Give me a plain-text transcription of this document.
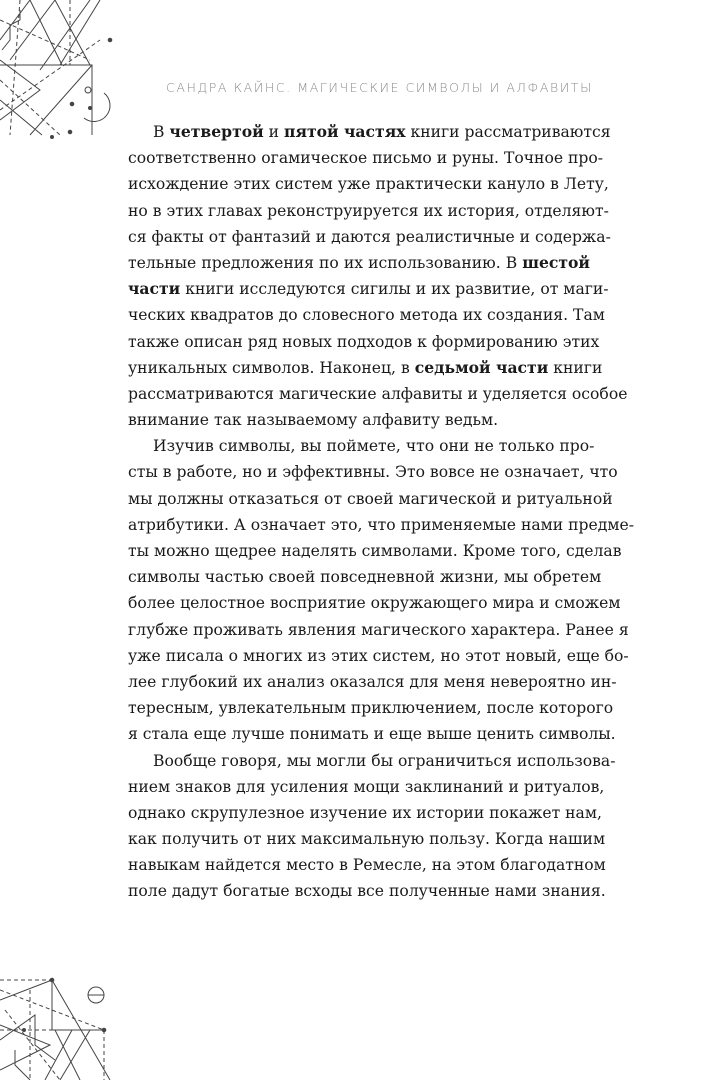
САНДРА КАЙНС. МАГИЧЕСКИЕ СИМВОЛЫ И АЛФАВИТЫ
В четвертой и пятой частях книги рассматриваются
соответственно огамическое письмо и руны. Точное про-
исхождение этих систем уже практически кануло в Лету,
но в этих главах реконструируется их история, отделяют-
ся факты от фантазий и даются реалистичные и содержа-
тельные предложения по их использованию. В шестой
части книги исследуются сигилы и их развитие, от маги-
ческих квадратов до словесного метода их создания. Там
также описан ряд новых подходов к формированию этих
уникальных символов. Наконец, в седьмой части книги
рассматриваются магические алфавиты и уделяется особое
внимание так называемому алфавиту ведьм.
Изучив символы, вы поймете, что они не только про-
сты в работе, но и эффективны. Это вовсе не означает, что
мы должны отказаться от своей магической и ритуальной
атрибутики. А означает это, что применяемые нами предме-
ты можно щедрее наделять символами. Кроме того, сделав
символы частью своей повседневной жизни, мы обретем
более целостное восприятие окружающего мира и сможем
глубже проживать явления магического характера. Ранее я
уже писала о многих из этих систем, но этот новый, еще бо-
лее глубокий их анализ оказался для меня невероятно ин-
тересным, увлекательным приключением, после которого
я стала еще лучше понимать и еще выше ценить символы.
Вообще говоря, мы могли бы ограничиться использова-
нием знаков для усиления мощи заклинаний и ритуалов,
однако скрупулезное изучение их истории покажет нам,
как получить от них максимальную пользу. Когда нашим
навыкам найдется место в Ремесле, на этом благодатном
поле дадут богатые всходы все полученные нами знания.
